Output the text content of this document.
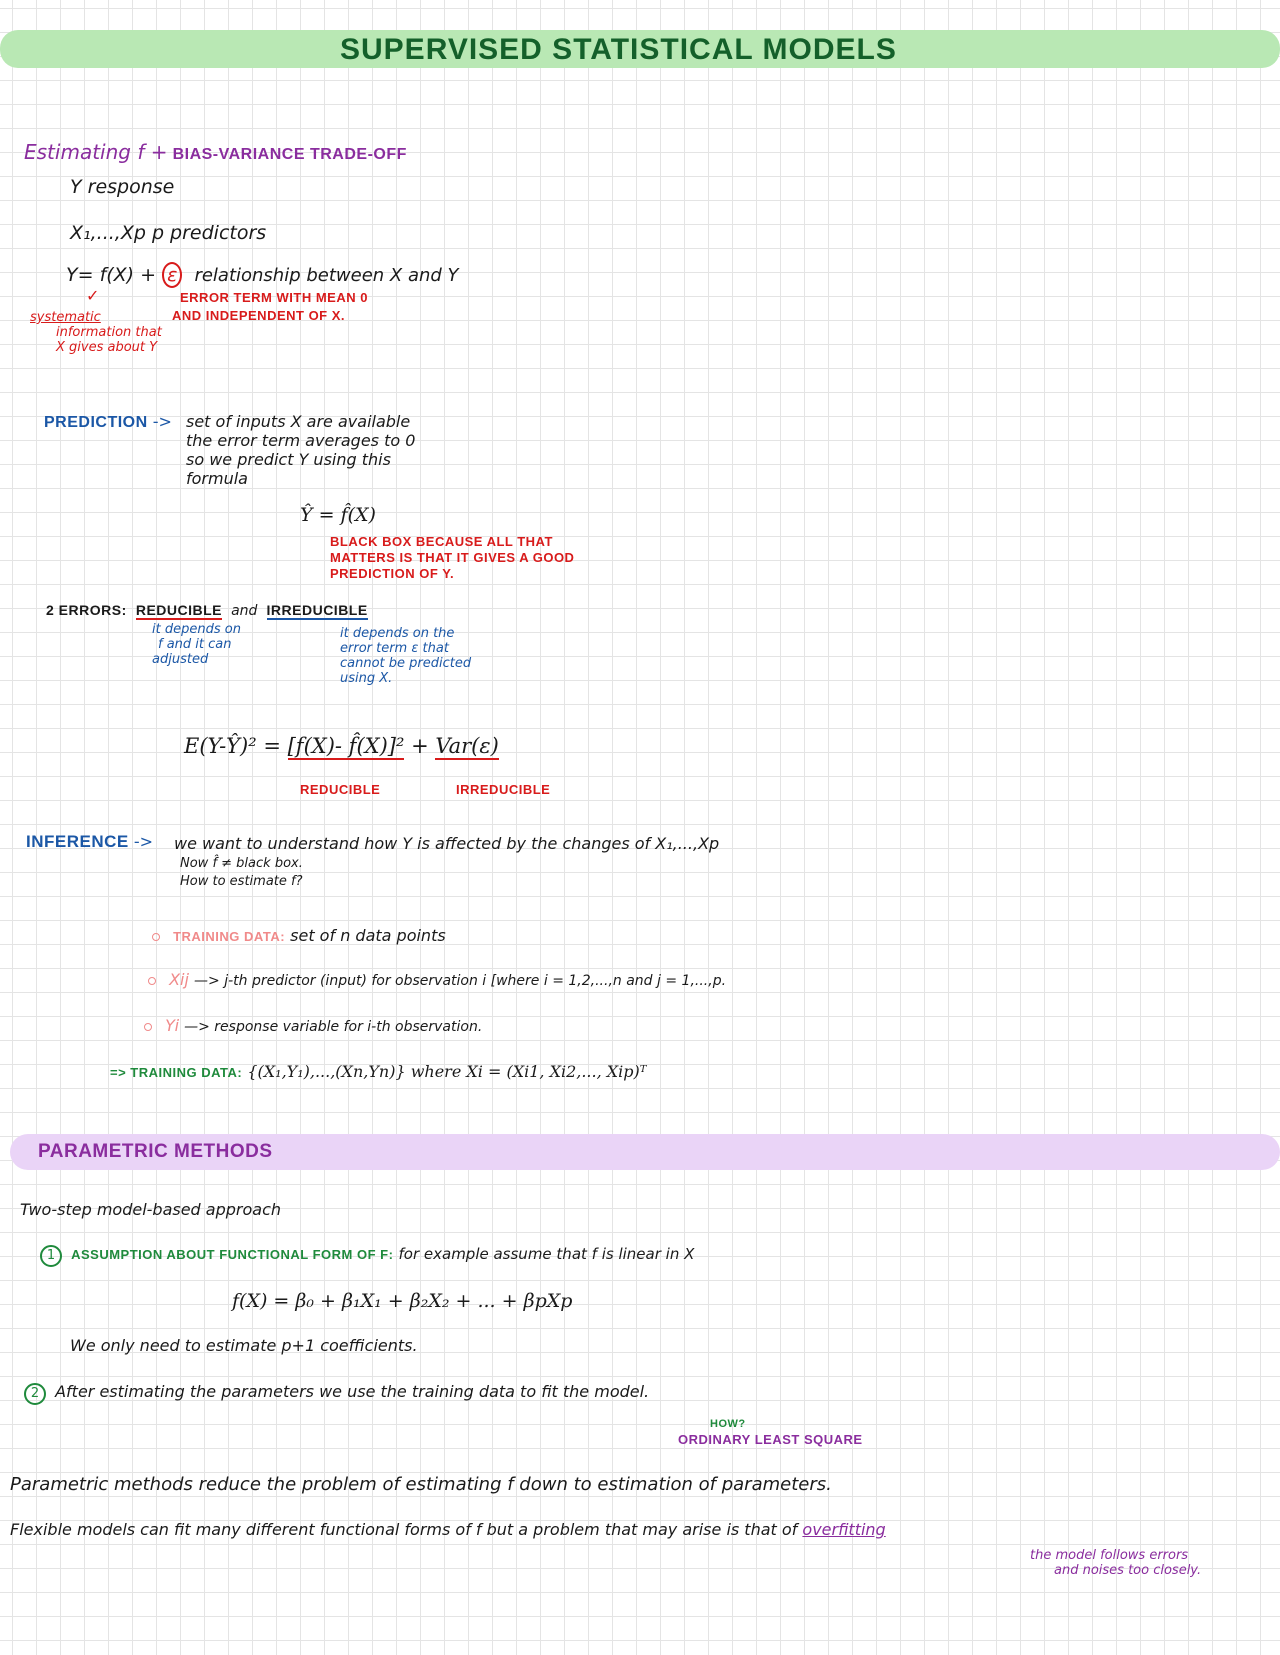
SUPERVISED STATISTICAL MODELS
Estimating f + BIAS-VARIANCE TRADE-OFF
Y response
X₁,...,Xp p predictors
Y= f(X) + ε relationship between X and Y
✓	ERROR TERM WITH MEAN 0
AND INDEPENDENT OF X.
systematic
information that
X gives about Y
PREDICTION -> set of inputs X are available
the error term averages to 0
so we predict Y using this
formula
Ŷ = f̂(X)
BLACK BOX BECAUSE ALL THAT
MATTERS IS THAT IT GIVES A GOOD
PREDICTION OF Y.
2 ERRORS: REDUCIBLE and IRREDUCIBLE
it depends on
f and it can
adjusted
it depends on the
error term ε that
cannot be predicted
using X.
E(Y-Ŷ)² = [f(X)- f̂(X)]² + Var(ε)
REDUCIBLE	IRREDUCIBLE
INFERENCE -> we want to understand how Y is affected by the changes of X₁,...,Xp
Now f̂ ≠ black box.
How to estimate f?
TRAINING DATA: set of n data points
Xij —> j-th predictor (input) for observation i [where i = 1,2,...,n and j = 1,...,p.
Yi —> response variable for i-th observation.
=> TRAINING DATA: {(X₁,Y₁),...,(Xn,Yn)} where Xi = (Xi1, Xi2,..., Xip)ᵀ
PARAMETRIC METHODS
Two-step model-based approach
1 ASSUMPTION ABOUT FUNCTIONAL FORM OF F: for example assume that f is linear in X
f(X) = β₀ + β₁X₁ + β₂X₂ + ... + βpXp
We only need to estimate p+1 coefficients.
2 After estimating the parameters we use the training data to fit the model.
HOW?
ORDINARY LEAST SQUARE
Parametric methods reduce the problem of estimating f down to estimation of parameters.
Flexible models can fit many different functional forms of f but a problem that may arise is that of overfitting
the model follows errors
and noises too closely.
